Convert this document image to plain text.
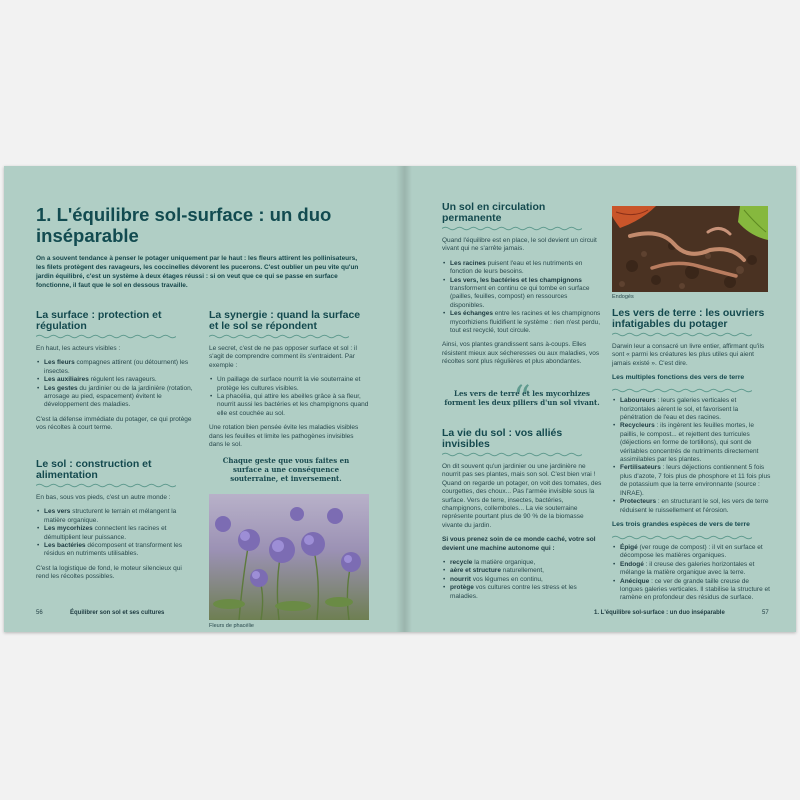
1. L'équilibre sol-surface : un duo inséparable

On a souvent tendance à penser le potager uniquement par le haut : les fleurs attirent les pollinisateurs, les filets protègent des ravageurs, les coccinelles dévorent les pucerons. C'est oublier un peu vite qu'un jardin équilibré, c'est un système à deux étages réussi : si on veut que ce qui se passe en surface fonctionne, il faut que le sol en dessous travaille.

La surface : protection et régulation

En haut, les acteurs visibles :

• Les fleurs compagnes attirent (ou détournent) les insectes.
• Les auxiliaires régulent les ravageurs.
• Les gestes du jardinier ou de la jardinière (rotation, arrosage au pied, espacement) évitent le développement des maladies.

C'est la défense immédiate du potager, ce qui protège vos récoltes à court terme.

Le sol : construction et alimentation

En bas, sous vos pieds, c'est un autre monde :

• Les vers structurent le terrain et mélangent la matière organique.
• Les mycorhizes connectent les racines et démultiplient leur puissance.
• Les bactéries décomposent et transforment les résidus en nutriments utilisables.

C'est la logistique de fond, le moteur silencieux qui rend les récoltes possibles.

La synergie : quand la surface et le sol se répondent

Le secret, c'est de ne pas opposer surface et sol : il s'agit de comprendre comment ils s'entraident. Par exemple :

• Un paillage de surface nourrit la vie souterraine et protège les cultures visibles.
• La phacélia, qui attire les abeilles grâce à sa fleur, nourrit aussi les bactéries et les champignons quand elle est couchée au sol.

Une rotation bien pensée évite les maladies visibles dans les feuilles et limite les pathogènes invisibles dans le sol.

Chaque geste que vous faites en surface a une conséquence souterraine, et inversement.

Fleurs de phacélie

56	Équilibrer son sol et ses cultures

Un sol en circulation permanente

Quand l'équilibre est en place, le sol devient un circuit vivant qui ne s'arrête jamais.

• Les racines puisent l'eau et les nutriments en fonction de leurs besoins.
• Les vers, les bactéries et les champignons transforment en continu ce qui tombe en surface (pailles, feuilles, compost) en ressources disponibles.
• Les échanges entre les racines et les champignons mycorhiziens fluidifient le système : rien n'est perdu, tout est recyclé, tout circule.

Ainsi, vos plantes grandissent sans à-coups. Elles résistent mieux aux sécheresses ou aux maladies, vos récoltes sont plus régulières et plus abondantes.

“

Les vers de terre et les mycorhizes forment les deux piliers d'un sol vivant.

La vie du sol : vos alliés invisibles

On dit souvent qu'un jardinier ou une jardinière ne nourrit pas ses plantes, mais son sol. C'est bien vrai ! Quand on regarde un potager, on voit des tomates, des courgettes, des choux... Pas l'armée invisible sous la surface. Vers de terre, insectes, bactéries, champignons, collemboles... La vie souterraine représente pourtant plus de 90 % de la biomasse vivante du jardin.

Si vous prenez soin de ce monde caché, votre sol devient une machine autonome qui :

• recycle la matière organique,
• aère et structure naturellement,
• nourrit vos légumes en continu,
• protège vos cultures contre les stress et les maladies.

Endogés

Les vers de terre : les ouvriers infatigables du potager

Darwin leur a consacré un livre entier, affirmant qu'ils sont « parmi les créatures les plus utiles qui aient jamais existé ». C'est dire.

Les multiples fonctions des vers de terre

• Laboureurs : leurs galeries verticales et horizontales aèrent le sol, et favorisent la pénétration de l'eau et des racines.
• Recycleurs : ils ingèrent les feuilles mortes, le paillis, le compost... et rejettent des turricules (déjections en forme de tortillons), qui sont de véritables concentrés de nutriments directement assimilables par les plantes.
• Fertilisateurs : leurs déjections contiennent 5 fois plus d'azote, 7 fois plus de phosphore et 11 fois plus de potassium que la terre environnante (source : INRAE).
• Protecteurs : en structurant le sol, les vers de terre réduisent le ruissellement et l'érosion.

Les trois grandes espèces de vers de terre

• Épigé (ver rouge de compost) : il vit en surface et décompose les matières organiques.
• Endogé : il creuse des galeries horizontales et mélange la matière organique avec la terre.
• Anécique : ce ver de grande taille creuse de longues galeries verticales. Il stabilise la structure et ramène en profondeur des résidus de surface.

1. L'équilibre sol-surface : un duo inséparable	57
